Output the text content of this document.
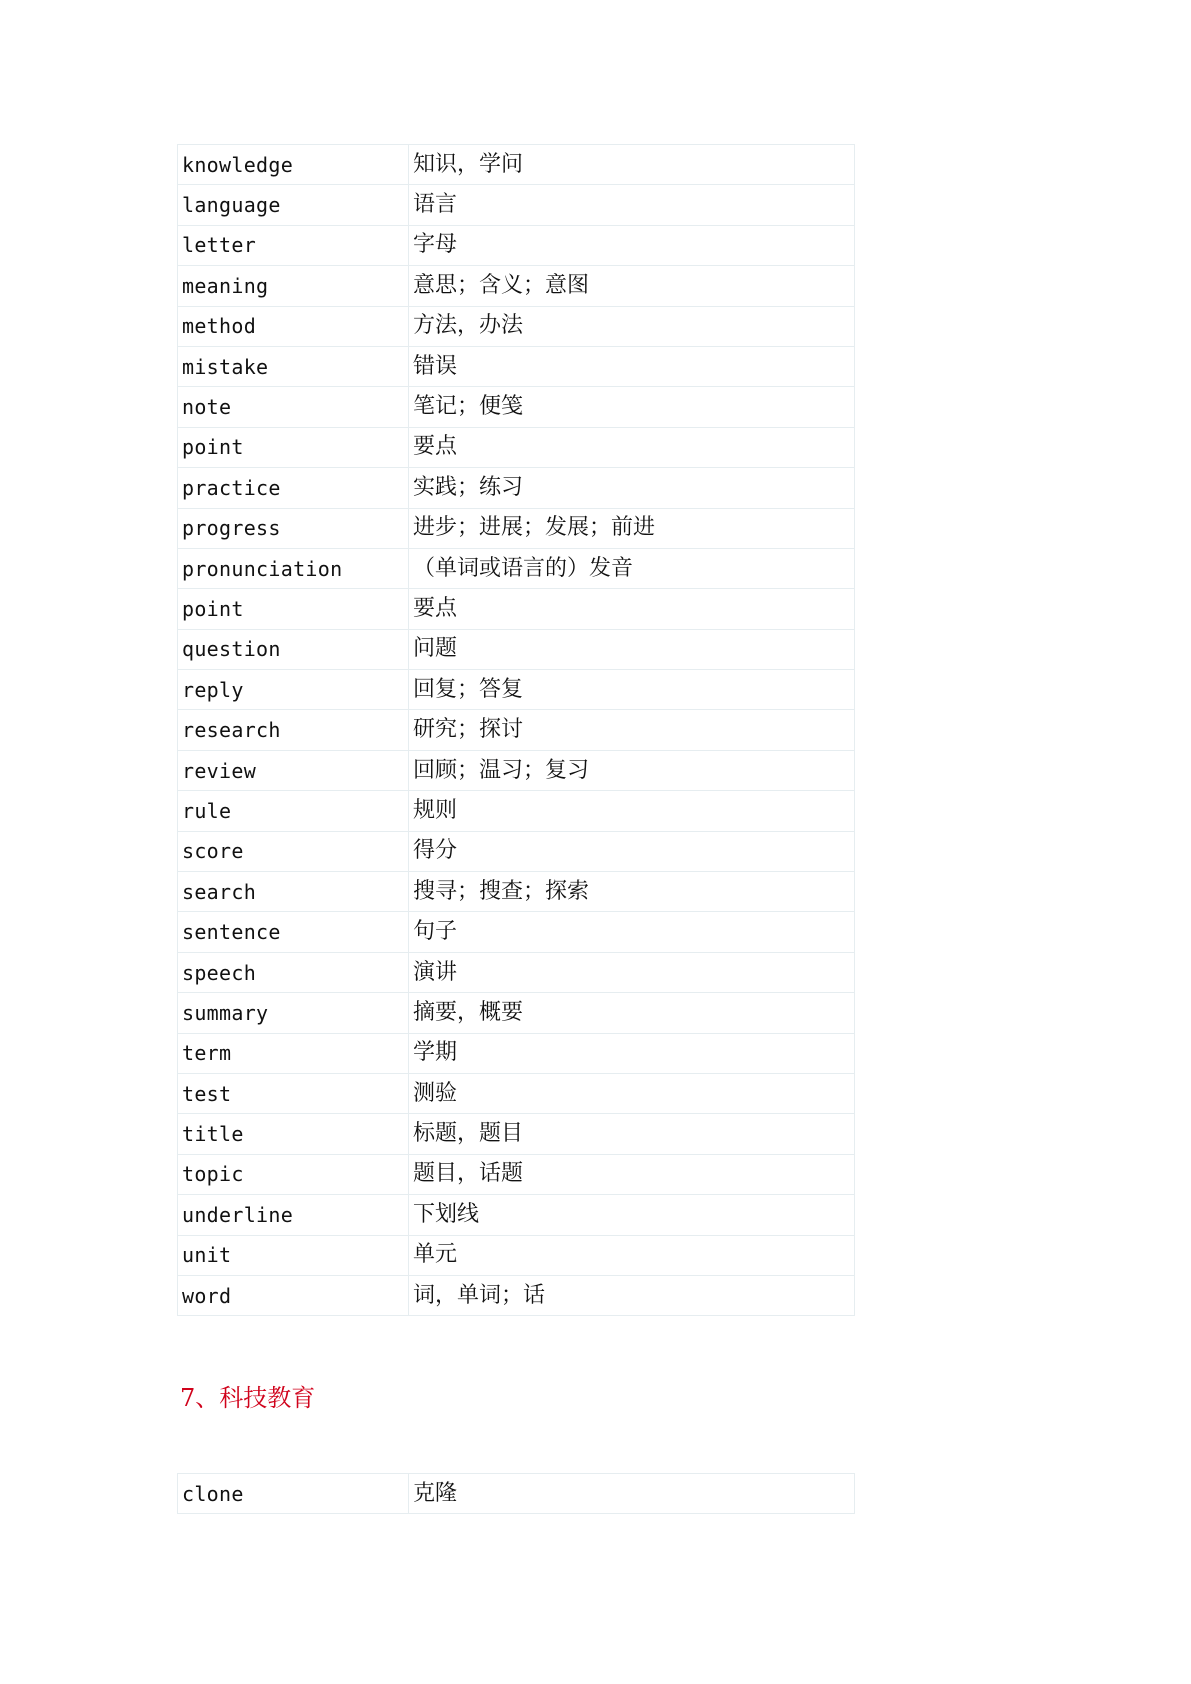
knowledge	知识，学问
language	语言
letter	字母
meaning	意思；含义；意图
method	方法，办法
mistake	错误
note	笔记；便笺
point	要点
practice	实践；练习
progress	进步；进展；发展；前进
pronunciation	（单词或语言的）发音
point	要点
question	问题
reply	回复；答复
research	研究；探讨
review	回顾；温习；复习
rule	规则
score	得分
search	搜寻；搜查；探索
sentence	句子
speech	演讲
summary	摘要，概要
term	学期
test	测验
title	标题，题目
topic	题目，话题
underline	下划线
unit	单元
word	词，单词；话
7、科技教育
clone	克隆
